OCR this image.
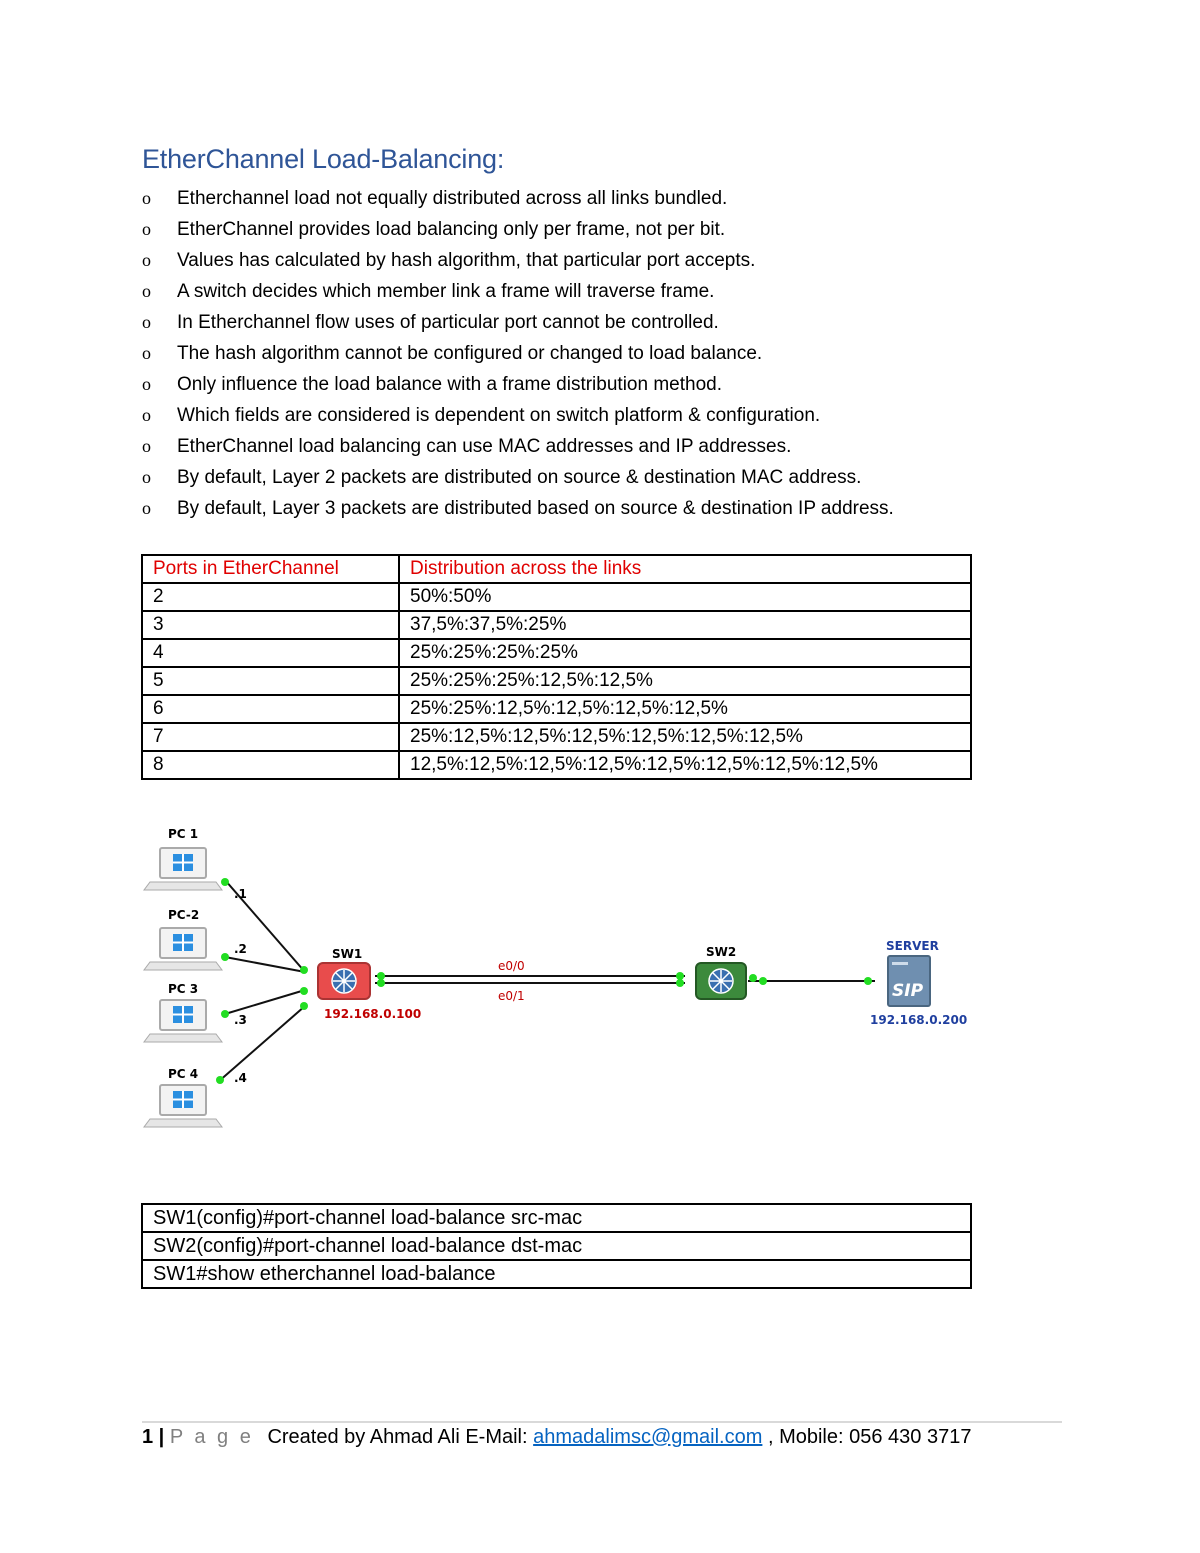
EtherChannel Load-Balancing:
o Etherchannel load not equally distributed across all links bundled.
o EtherChannel provides load balancing only per frame, not per bit.
o Values has calculated by hash algorithm, that particular port accepts.
o A switch decides which member link a frame will traverse frame.
o In Etherchannel flow uses of particular port cannot be controlled.
o The hash algorithm cannot be configured or changed to load balance.
o Only influence the load balance with a frame distribution method.
o Which fields are considered is dependent on switch platform & configuration.
o EtherChannel load balancing can use MAC addresses and IP addresses.
o By default, Layer 2 packets are distributed on source & destination MAC address.
o By default, Layer 3 packets are distributed based on source & destination IP address.
Ports in EtherChannel	Distribution across the links
2	50%:50%
3	37,5%:37,5%:25%
4	25%:25%:25%:25%
5	25%:25%:25%:12,5%:12,5%
6	25%:25%:12,5%:12,5%:12,5%:12,5%
7	25%:12,5%:12,5%:12,5%:12,5%:12,5%:12,5%
8	12,5%:12,5%:12,5%:12,5%:12,5%:12,5%:12,5%:12,5%
PC 1
PC-2
PC 3
PC 4
.1
.2
.3
.4
SW1
192.168.0.100
e0/0
e0/1
SW2
SIP
SERVER
192.168.0.200
SW1(config)#port-channel load-balance src-mac
SW2(config)#port-channel load-balance dst-mac
SW1#show etherchannel load-balance
1 | P a g e Created by Ahmad Ali E-Mail: ahmadalimsc@gmail.com , Mobile: 056 430 3717
